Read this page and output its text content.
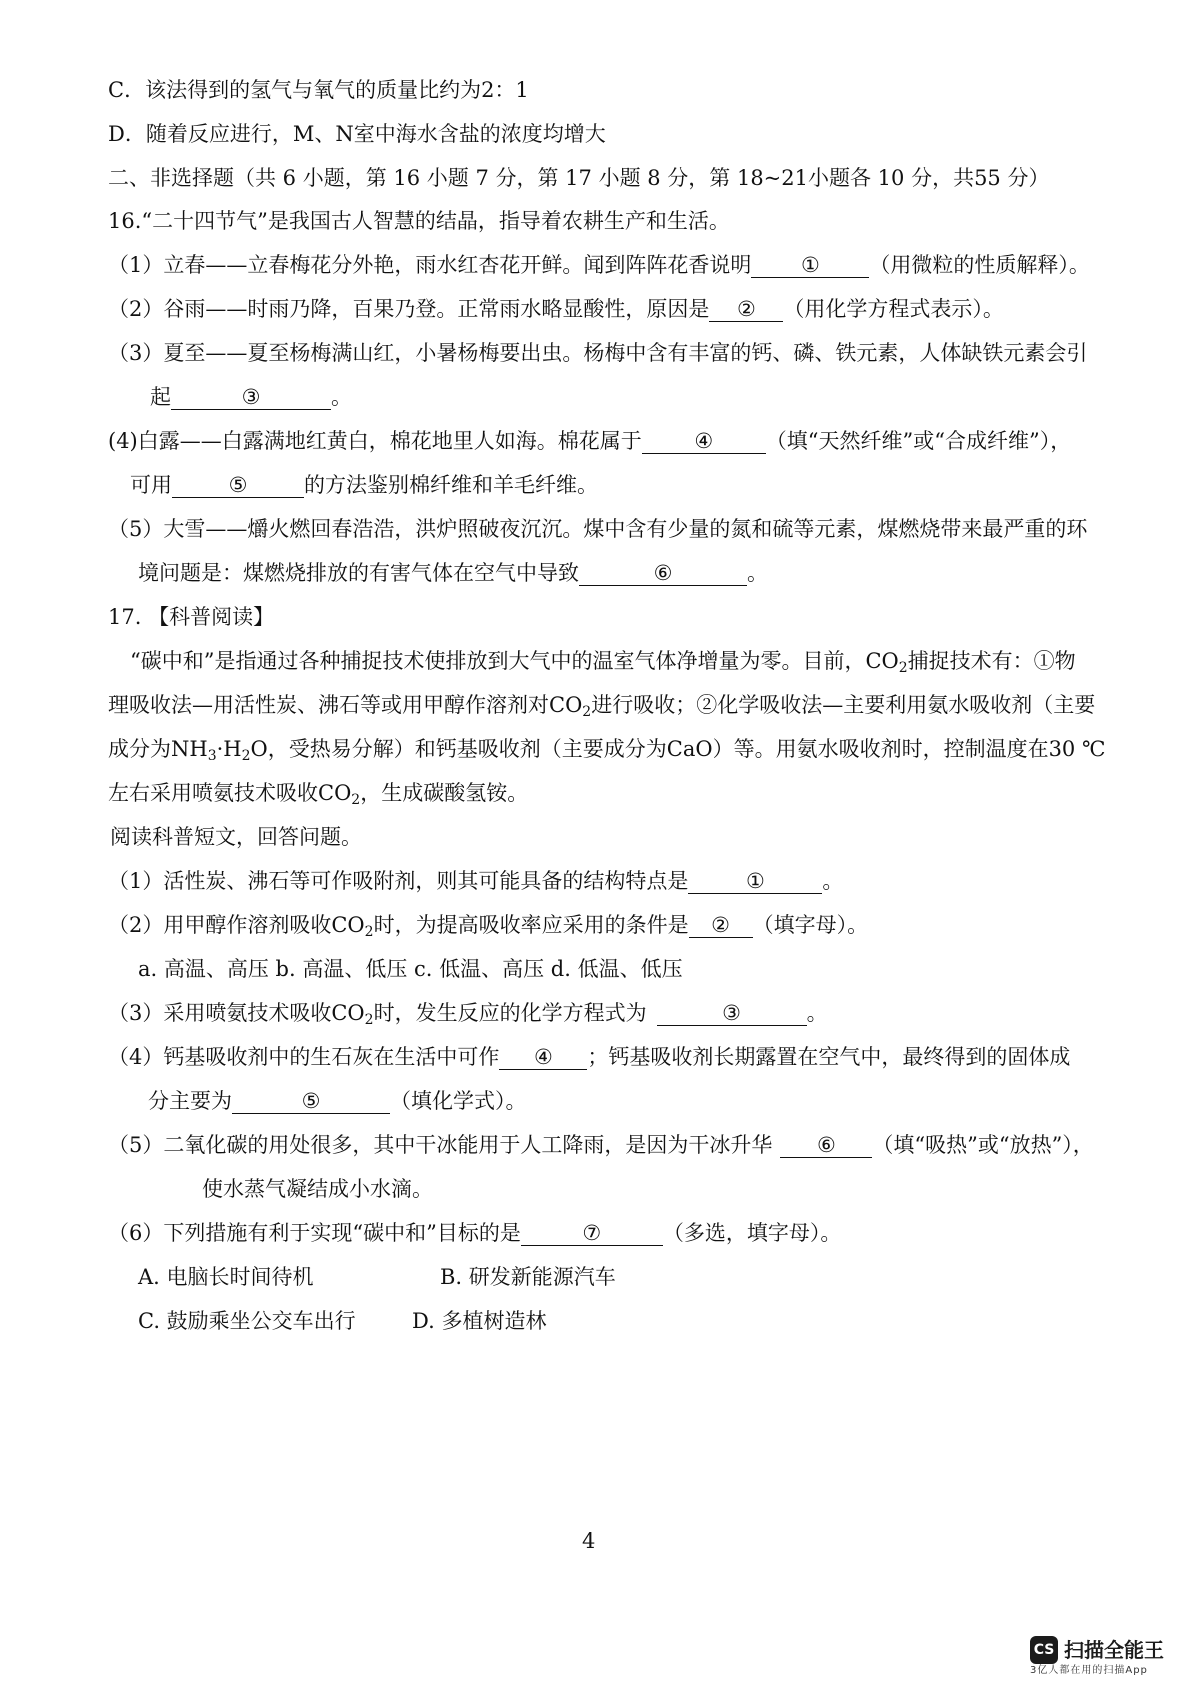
C．该法得到的氢气与氧气的质量比约为2：1
D．随着反应进行，M、N室中海水含盐的浓度均增大
二、非选择题（共 6 小题，第 16 小题 7 分，第 17 小题 8 分，第 18~21小题各 10 分，共55 分）
16.“二十四节气”是我国古人智慧的结晶，指导着农耕生产和生活。
（1）立春——立春梅花分外艳，雨水红杏花开鲜。闻到阵阵花香说明 ① （用微粒的性质解释）。
（2）谷雨——时雨乃降，百果乃登。正常雨水略显酸性，原因是 ② （用化学方程式表示）。
（3）夏至——夏至杨梅满山红，小暑杨梅要出虫。杨梅中含有丰富的钙、磷、铁元素，人体缺铁元素会引
起	③	。
(4)白露——白露满地红黄白，棉花地里人如海。棉花属于	④	（填“天然纤维”或“合成纤维”），
可用	⑤	的方法鉴别棉纤维和羊毛纤维。
（5）大雪——爝火燃回春浩浩，洪炉照破夜沉沉。煤中含有少量的氮和硫等元素，煤燃烧带来最严重的环
境问题是：煤燃烧排放的有害气体在空气中导致	⑥	。
17. 【科普阅读】
“碳中和”是指通过各种捕捉技术使排放到大气中的温室气体净增量为零。目前，$CO_2$捕捉技术有：①物
理吸收法—用活性炭、沸石等或用甲醇作溶剂对$CO_2$进行吸收；②化学吸收法—主要利用氨水吸收剂（主要
成分为$NH_3\cdot H_2O$，受热易分解）和钙基吸收剂（主要成分为CaO）等。用氨水吸收剂时，控制温度在30 ℃
左右采用喷氨技术吸收$CO_2$，生成碳酸氢铵。
阅读科普短文，回答问题。
（1）活性炭、沸石等可作吸附剂，则其可能具备的结构特点是	①	。
（2）用甲醇作溶剂吸收$CO_2$时，为提高吸收率应采用的条件是 ② （填字母）。
a. 高温、高压 b. 高温、低压 c. 低温、高压 d. 低温、低压
（3）采用喷氨技术吸收$CO_2$时，发生反应的化学方程式为	③	。
（4）钙基吸收剂中的生石灰在生活中可作 ④ ；钙基吸收剂长期露置在空气中，最终得到的固体成
分主要为	⑤	（填化学式）。
（5）二氧化碳的用处很多，其中干冰能用于人工降雨，是因为干冰升华 ⑥ （填“吸热”或“放热”），
使水蒸气凝结成小水滴。
（6）下列措施有利于实现“碳中和”目标的是	⑦	（多选，填字母）。
A. 电脑长时间待机	B. 研发新能源汽车
C. 鼓励乘坐公交车出行	D. 多植树造林
4
CS 扫描全能王
3亿人都在用的扫描App
